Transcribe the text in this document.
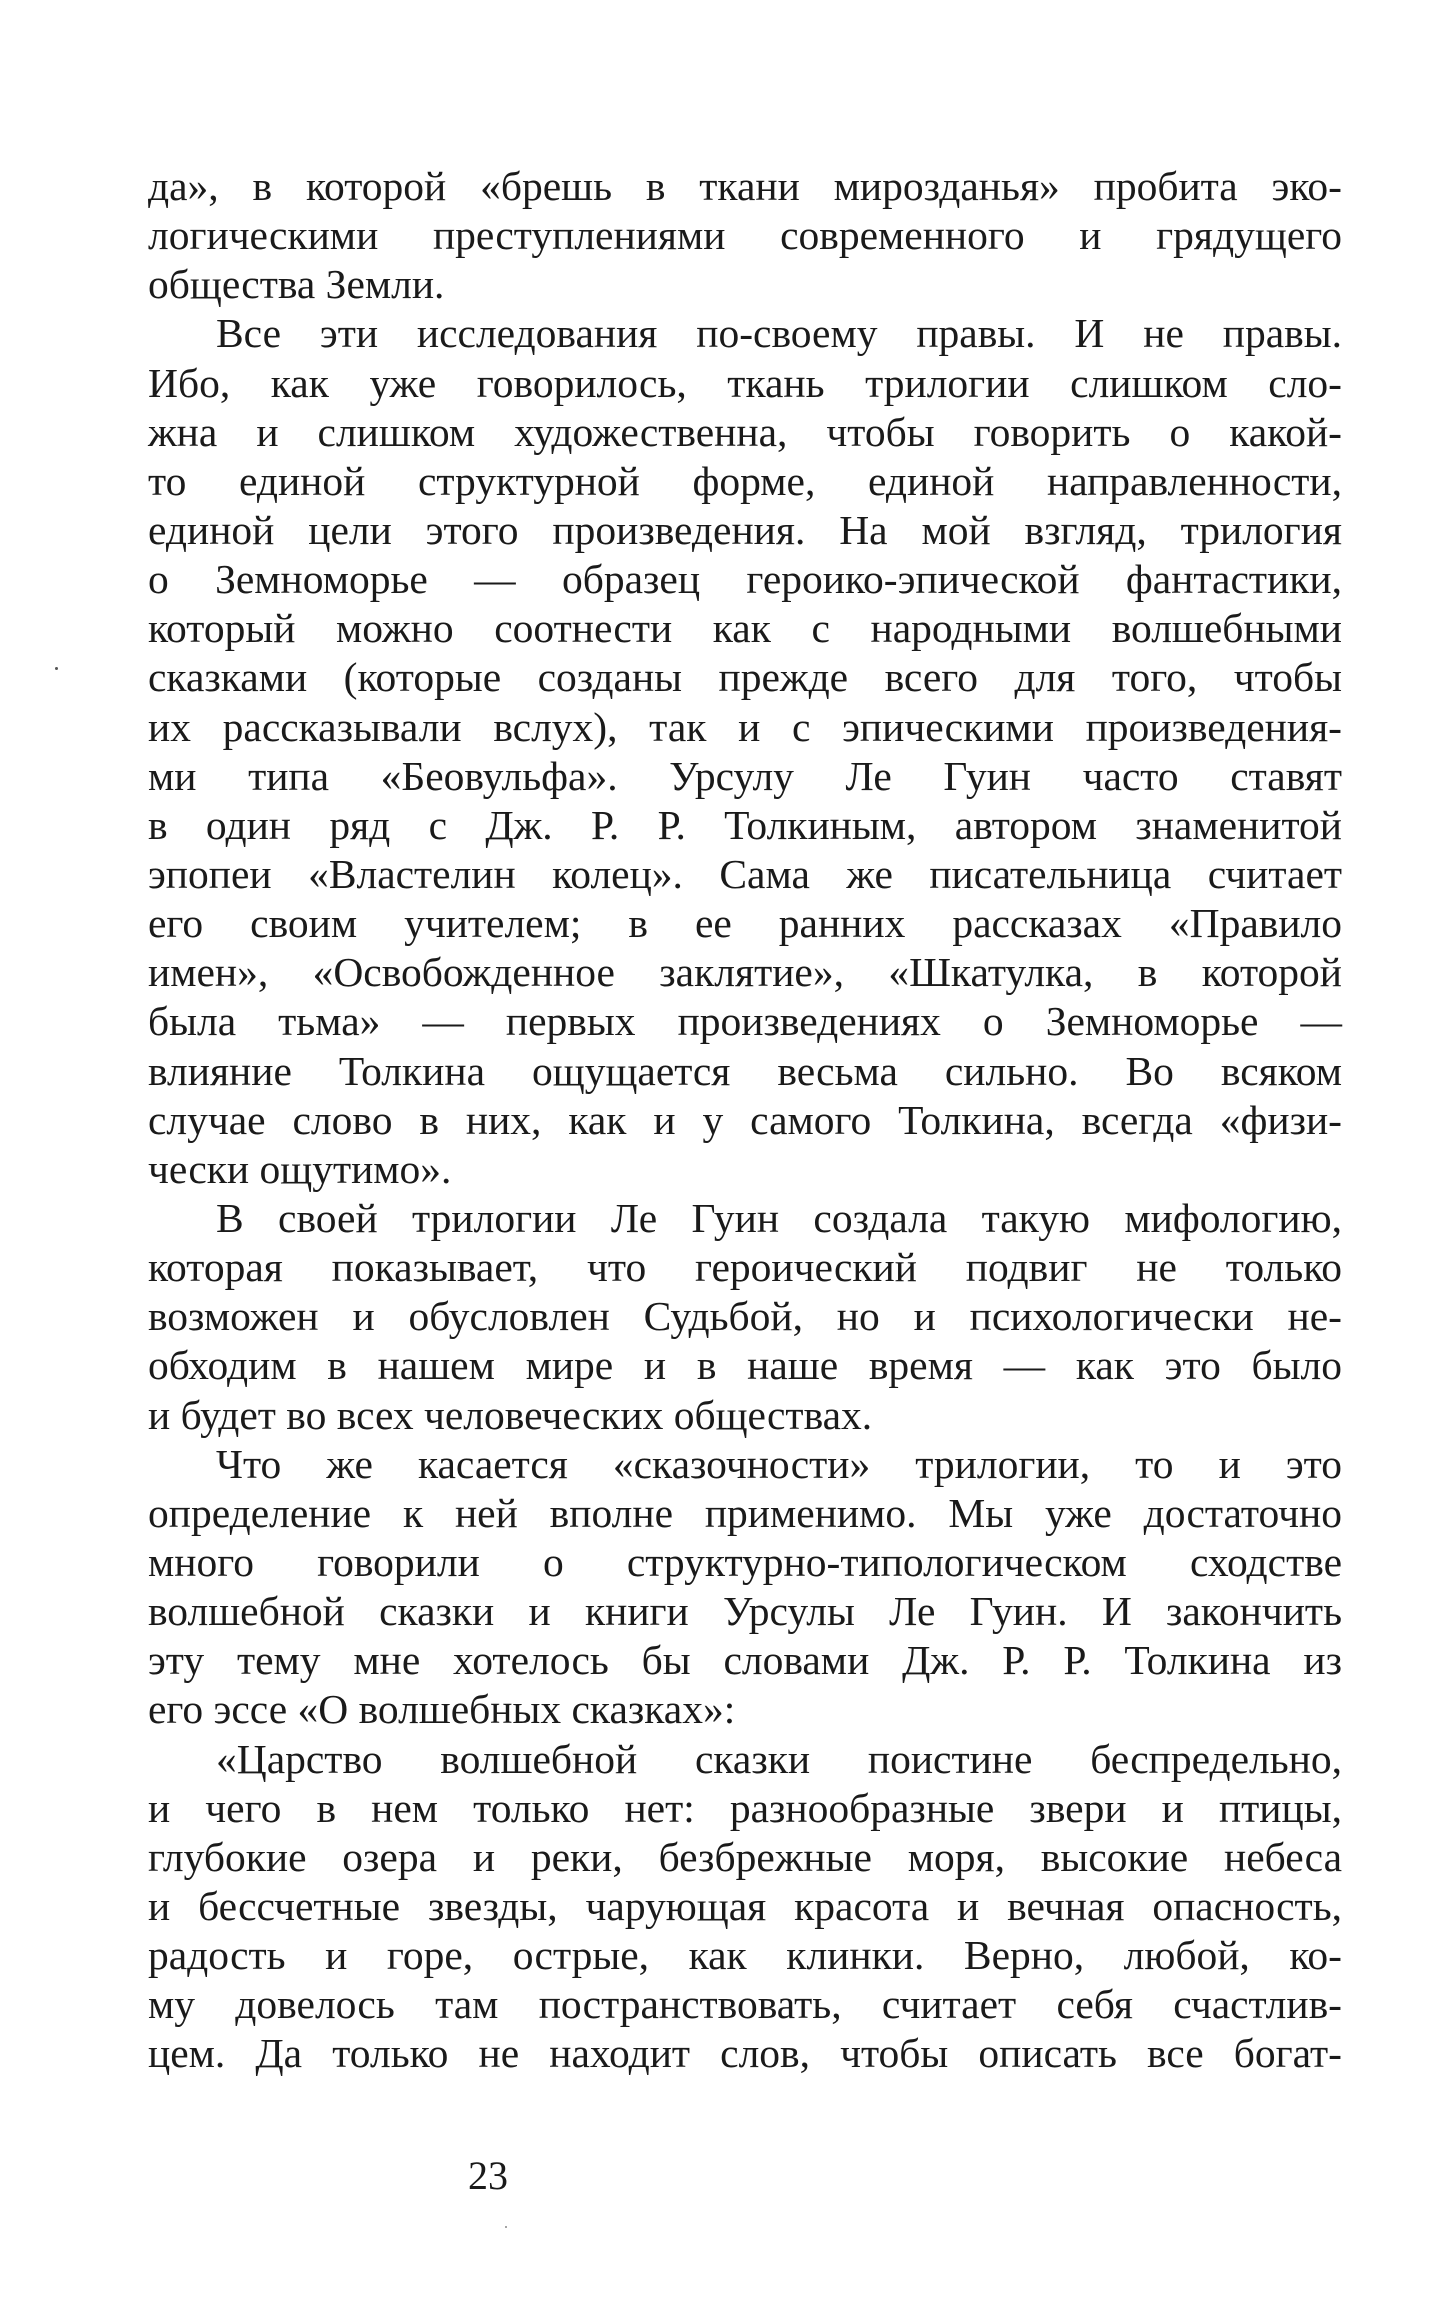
да», в которой «брешь в ткани мирозданья» пробита эко-
логическими преступлениями современного и грядущего
общества Земли.
Все эти исследования по-своему правы. И не правы.
Ибо, как уже говорилось, ткань трилогии слишком сло-
жна и слишком художественна, чтобы говорить о какой-
то единой структурной форме, единой направленности,
единой цели этого произведения. На мой взгляд, трилогия
о Земноморье — образец героико-эпической фантастики,
который можно соотнести как с народными волшебными
сказками (которые созданы прежде всего для того, чтобы
их рассказывали вслух), так и с эпическими произведения-
ми типа «Беовульфа». Урсулу Ле Гуин часто ставят
в один ряд с Дж. Р. Р. Толкиным, автором знаменитой
эпопеи «Властелин колец». Сама же писательница считает
его своим учителем; в ее ранних рассказах «Правило
имен», «Освобожденное заклятие», «Шкатулка, в которой
была тьма» — первых произведениях о Земноморье —
влияние Толкина ощущается весьма сильно. Во всяком
случае слово в них, как и у самого Толкина, всегда «физи-
чески ощутимо».
В своей трилогии Ле Гуин создала такую мифологию,
которая показывает, что героический подвиг не только
возможен и обусловлен Судьбой, но и психологически не-
обходим в нашем мире и в наше время — как это было
и будет во всех человеческих обществах.
Что же касается «сказочности» трилогии, то и это
определение к ней вполне применимо. Мы уже достаточно
много говорили о структурно-типологическом сходстве
волшебной сказки и книги Урсулы Ле Гуин. И закончить
эту тему мне хотелось бы словами Дж. Р. Р. Толкина из
его эссе «О волшебных сказках»:
«Царство волшебной сказки поистине беспредельно,
и чего в нем только нет: разнообразные звери и птицы,
глубокие озера и реки, безбрежные моря, высокие небеса
и бессчетные звезды, чарующая красота и вечная опасность,
радость и горе, острые, как клинки. Верно, любой, ко-
му довелось там постранствовать, считает себя счастлив-
цем. Да только не находит слов, чтобы описать все богат-
23
